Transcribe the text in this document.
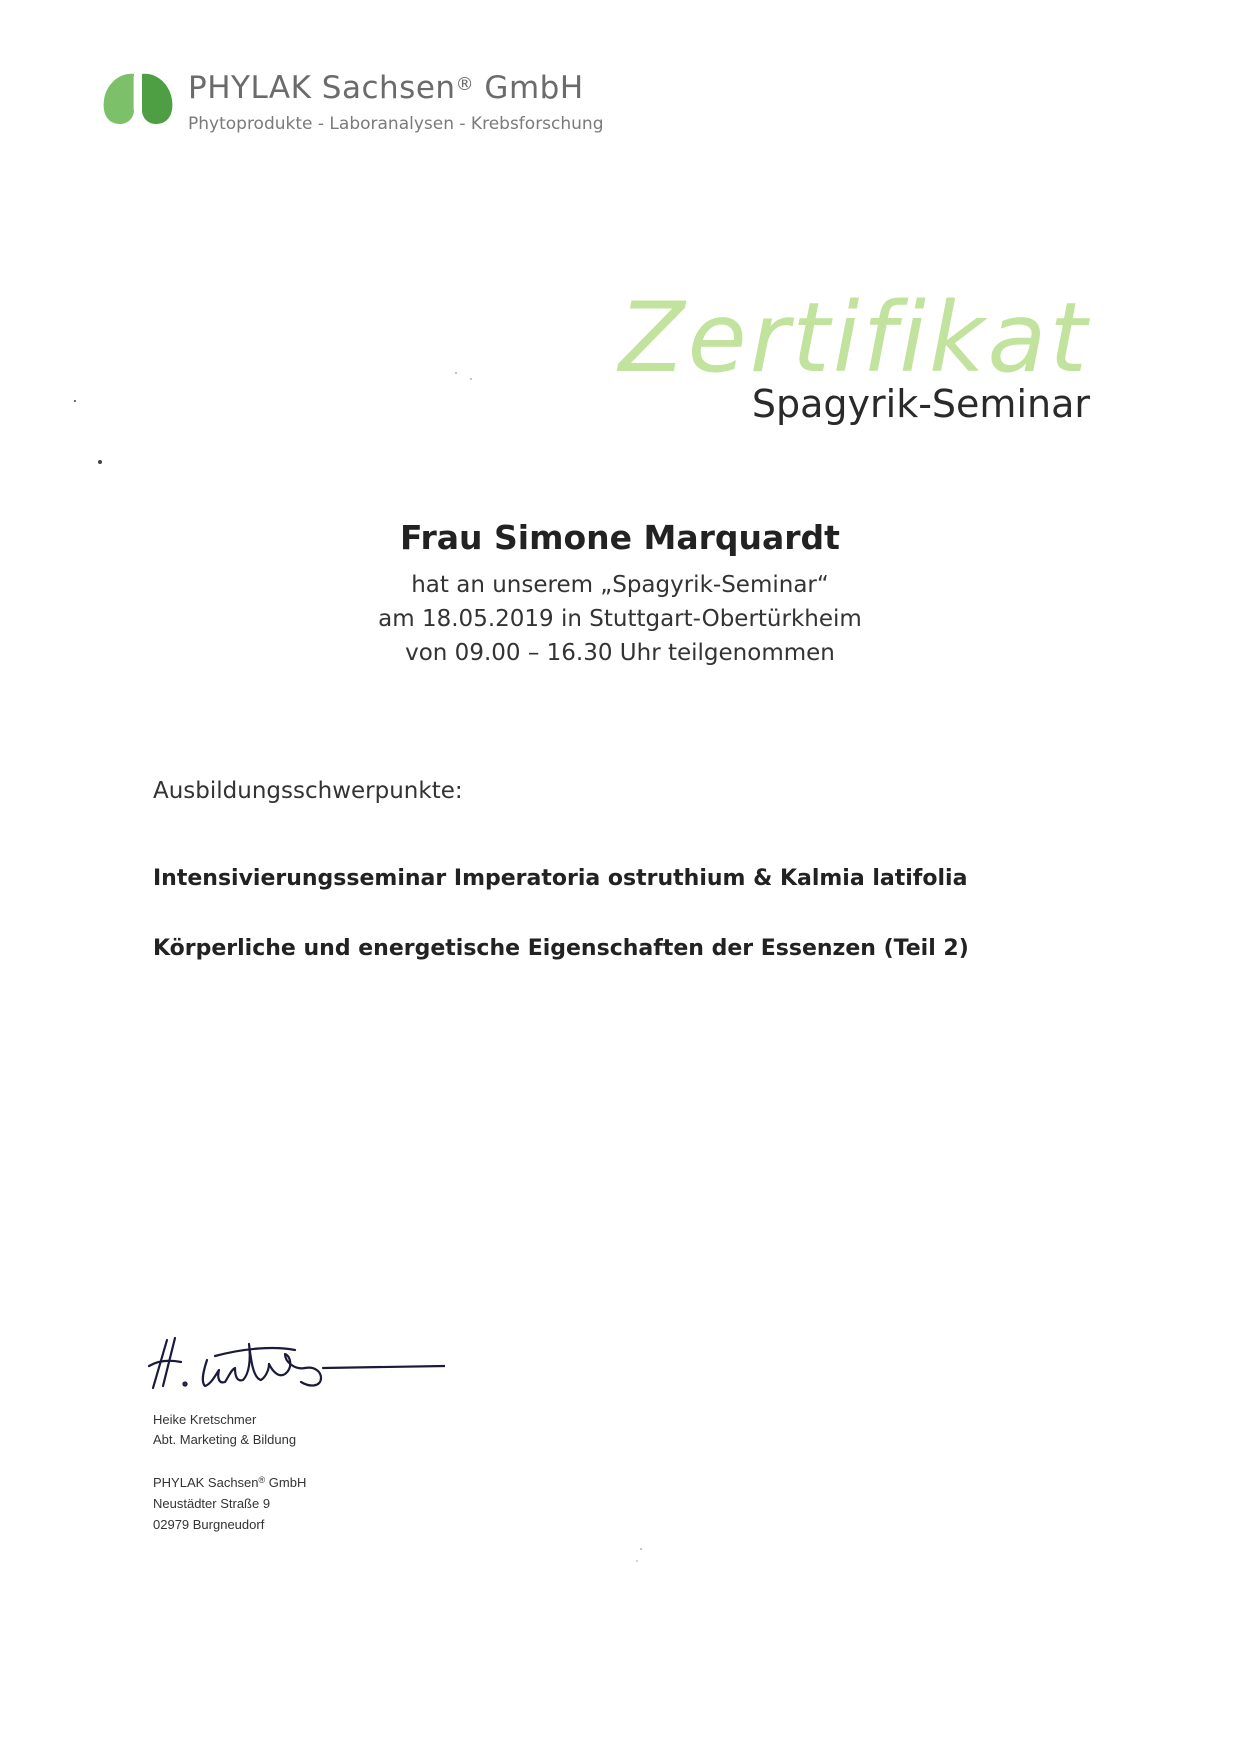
PHYLAK Sachsen® GmbH
Phytoprodukte - Laboranalysen - Krebsforschung
Zertifikat
Spagyrik-Seminar
Frau Simone Marquardt
hat an unserem „Spagyrik-Seminar“
am 18.05.2019 in Stuttgart-Obertürkheim
von 09.00 – 16.30 Uhr teilgenommen
Ausbildungsschwerpunkte:
Intensivierungsseminar Imperatoria ostruthium & Kalmia latifolia
Körperliche und energetische Eigenschaften der Essenzen (Teil 2)
Heike Kretschmer
Abt. Marketing & Bildung
PHYLAK Sachsen® GmbH
Neustädter Straße 9
02979 Burgneudorf
